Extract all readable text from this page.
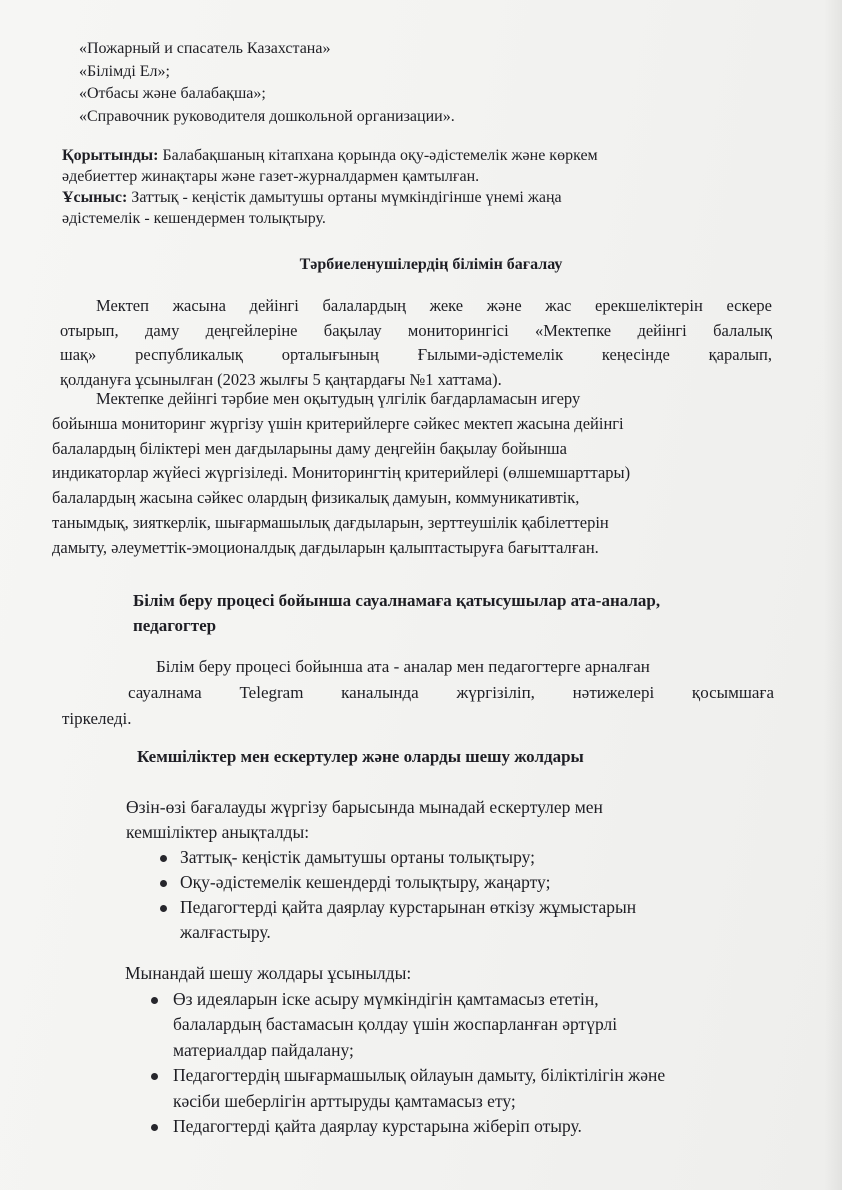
«Пожарный и спасатель Казахстана»
«Білімді Ел»;
«Отбасы және балабақша»;
«Справочник руководителя дошкольной организации».
Қорытынды: Балабақшаның кітапхана қорында оқу-әдістемелік және көркем
әдебиеттер жинақтары және газет-журналдармен қамтылған.
Ұсыныс: Заттық - кеңістік дамытушы ортаны мүмкіндігінше үнемі жаңа
әдістемелік - кешендермен толықтыру.
Тәрбиеленушілердің білімін бағалау
Мектеп жасына дейінгі балалардың жеке және жас ерекшеліктерін ескере
отырып, даму деңгейлеріне бақылау мониторингісі «Мектепке дейінгі балалық
шақ» республикалық орталығының Ғылыми-әдістемелік кеңесінде қаралып,
қолдануға ұсынылған (2023 жылғы 5 қаңтардағы №1 хаттама).
Мектепке дейінгі тәрбие мен оқытудың үлгілік бағдарламасын игеру
бойынша мониторинг жүргізу үшін критерийлерге сәйкес мектеп жасына дейінгі
балалардың біліктері мен дағдыларыны даму деңгейін бақылау бойынша
индикаторлар жүйесі жүргізіледі. Мониторингтің критерийлері (өлшемшарттары)
балалардың жасына сәйкес олардың физикалық дамуын, коммуникативтік,
танымдық, зияткерлік, шығармашылық дағдыларын, зерттеушілік қабілеттерін
дамыту, әлеуметтік-эмоционалдық дағдыларын қалыптастыруға бағытталған.
Білім беру процесі бойынша сауалнамаға қатысушылар ата-аналар,
педагогтер
Білім беру процесі бойынша ата - аналар мен педагогтерге арналған
сауалнама Telegram каналында жүргізіліп, нәтижелері қосымшаға
тіркеледі.
Кемшіліктер мен ескертулер және оларды шешу жолдары
Өзін-өзі бағалауды жүргізу барысында мынадай ескертулер мен
кемшіліктер анықталды:
Заттық- кеңістік дамытушы ортаны толықтыру;
Оқу-әдістемелік кешендерді толықтыру, жаңарту;
Педагогтерді қайта даярлау курстарынан өткізу жұмыстарын
жалғастыру.
Мынандай шешу жолдары ұсынылды:
Өз идеяларын іске асыру мүмкіндігін қамтамасыз ететін,
балалардың бастамасын қолдау үшін жоспарланған әртүрлі
материалдар пайдалану;
Педагогтердің шығармашылық ойлауын дамыту, біліктілігін және
кәсіби шеберлігін арттыруды қамтамасыз ету;
Педагогтерді қайта даярлау курстарына жіберіп отыру.
